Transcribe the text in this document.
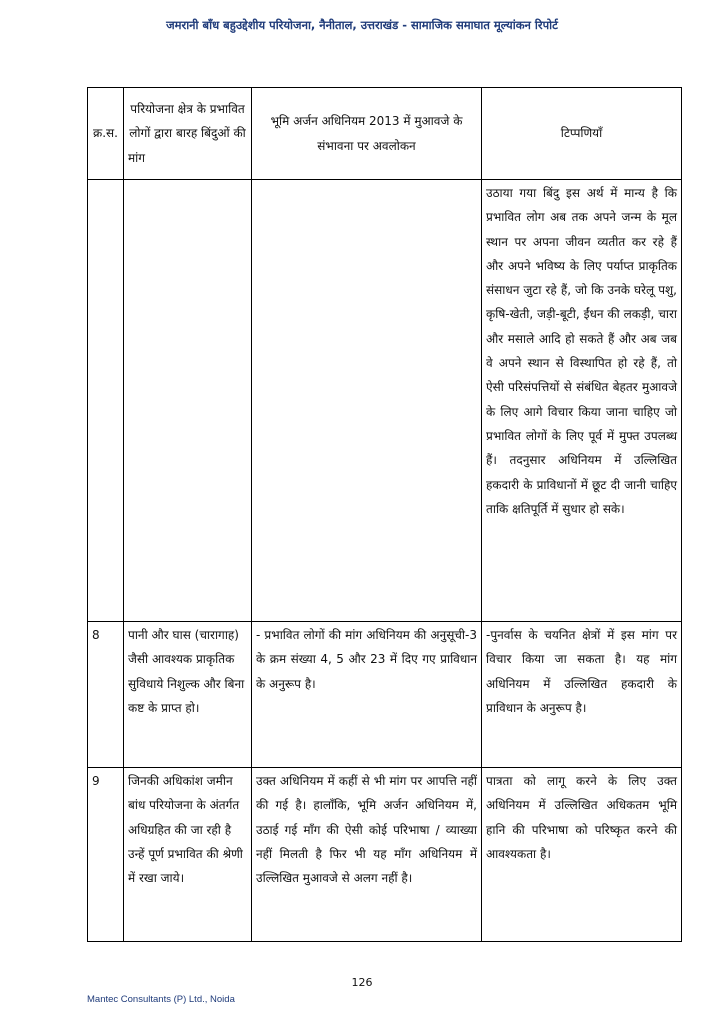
जमरानी बाँध बहुउद्देशीय परियोजना, नैनीताल, उत्तराखंड - सामाजिक समाघात मूल्यांकन रिपोर्ट
क्र.स.	परियोजना क्षेत्र के प्रभावित लोगों द्वारा बारह बिंदुओं की मांग	भूमि अर्जन अधिनियम 2013 में मुआवजे के संभावना पर अवलोकन	टिप्पणियाँ
			उठाया गया बिंदु इस अर्थ में मान्य है कि प्रभावित लोग अब तक अपने जन्म के मूल स्थान पर अपना जीवन व्यतीत कर रहे हैं और अपने भविष्य के लिए पर्याप्त प्राकृतिक संसाधन जुटा रहे हैं, जो कि उनके घरेलू पशु, कृषि-खेती, जड़ी-बूटी, ईंधन की लकड़ी, चारा और मसाले आदि हो सकते हैं और अब जब वे अपने स्थान से विस्थापित हो रहे हैं, तो ऐसी परिसंपत्तियों से संबंधित बेहतर मुआवजे के लिए आगे विचार किया जाना चाहिए जो प्रभावित लोगों के लिए पूर्व में मुफ्त उपलब्ध हैं। तदनुसार अधिनियम में उल्लिखित हकदारी के प्राविधानों में छूट दी जानी चाहिए ताकि क्षतिपूर्ति में सुधार हो सके।
8	पानी और घास (चारागाह) जैसी आवश्यक प्राकृतिक सुविधाये निशुल्क और बिना कष्ट के प्राप्त हो।	- प्रभावित लोगों की मांग अधिनियम की अनुसूची-3 के क्रम संख्या 4, 5 और 23 में दिए गए प्राविधान के अनुरूप है।	-पुनर्वास के चयनित क्षेत्रों में इस मांग पर विचार किया जा सकता है। यह मांग अधिनियम में उल्लिखित हकदारी के प्राविधान के अनुरूप है।
9	जिनकी अधिकांश जमीन बांध परियोजना के अंतर्गत अधिग्रहित की जा रही है उन्हें पूर्ण प्रभावित की श्रेणी में रखा जाये।	उक्त अधिनियम में कहीं से भी मांग पर आपत्ति नहीं की गई है। हालाँकि, भूमि अर्जन अधिनियम में, उठाई गई माँग की ऐसी कोई परिभाषा / व्याख्या नहीं मिलती है फिर भी यह माँग अधिनियम में उल्लिखित मुआवजे से अलग नहीं है।	पात्रता को लागू करने के लिए उक्त अधिनियम में उल्लिखित अधिकतम भूमि हानि की परिभाषा को परिष्कृत करने की आवश्यकता है।
126
Mantec Consultants (P) Ltd., Noida
